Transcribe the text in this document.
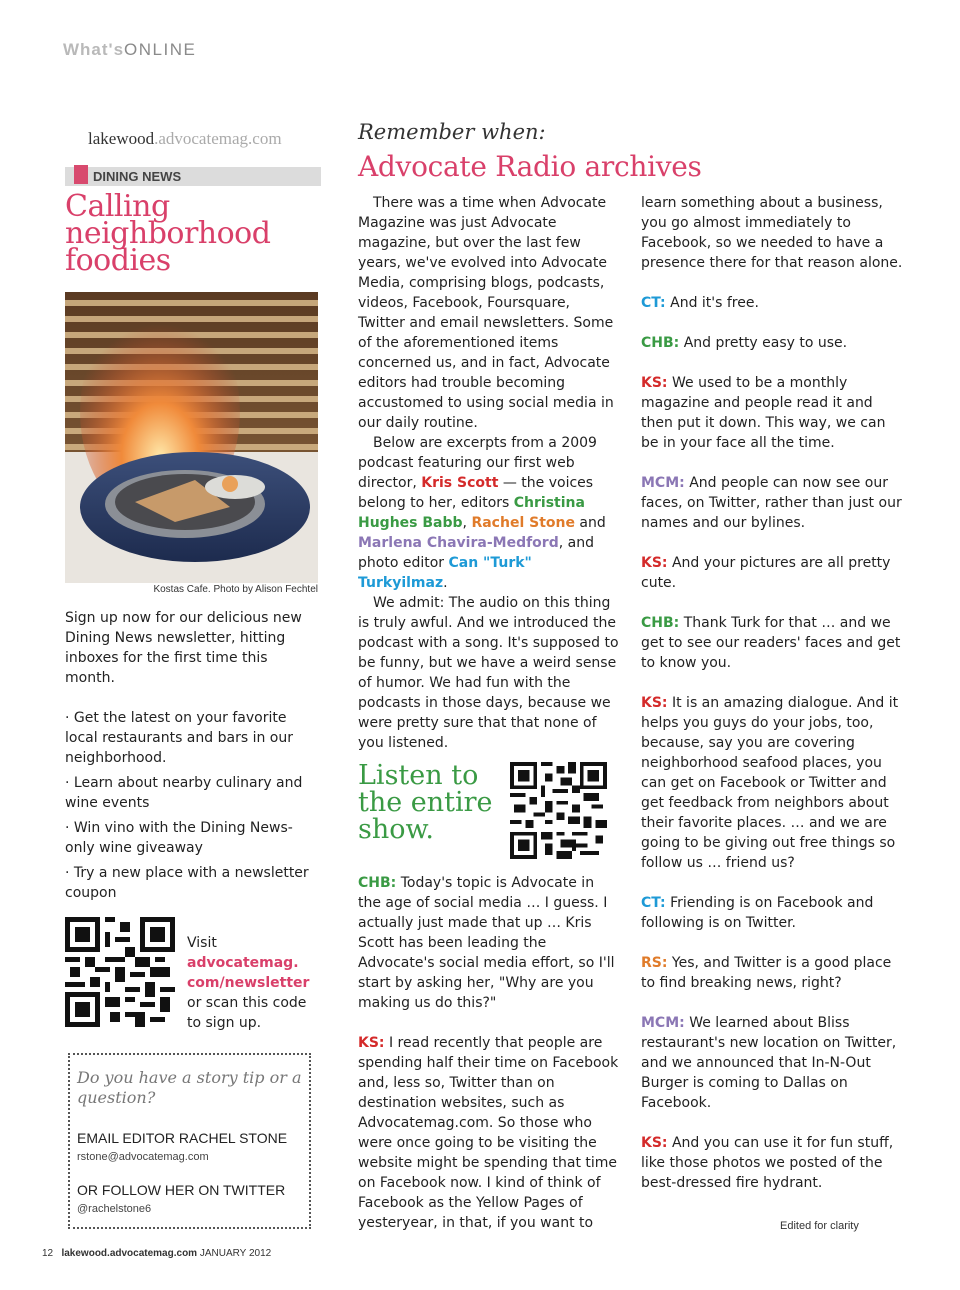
What'sONLINE
lakewood.advocatemag.com
DINING NEWS
Calling neighborhood foodies
Kostas Cafe. Photo by Alison Fechtel
Sign up now for our delicious new Dining News newsletter, hitting inboxes for the first time this month.
· Get the latest on your favorite local restaurants and bars in our neighborhood.
· Learn about nearby culinary and wine events
· Win vino with the Dining News-only wine giveaway
· Try a new place with a newsletter coupon
Visit
advocatemag. com/newsletter
or scan this code to sign up.
Do you have a story tip or a question?
EMAIL EDITOR RACHEL STONE
rstone@advocatemag.com
OR FOLLOW HER ON TWITTER
@rachelstone6
12 lakewood.advocatemag.com JANUARY 2012
Remember when:
Advocate Radio archives

There was a time when Advocate Magazine was just Advocate magazine, but over the last few years, we've evolved into Advocate Media, comprising blogs, podcasts, videos, Facebook, Foursquare, Twitter and email newsletters. Some of the aforementioned items concerned us, and in fact, Advocate editors had trouble becoming accustomed to using social media in our daily routine.

Below are excerpts from a 2009 podcast featuring our first web director, Kris Scott — the voices belong to her, editors Christina Hughes Babb, Rachel Stone and Marlena Chavira-Medford, and photo editor Can "Turk" Turkyilmaz.

We admit: The audio on this thing is truly awful. And we introduced the podcast with a song. It's supposed to be funny, but we have a weird sense of humor. We had fun with the podcasts in those days, because we were pretty sure that that none of you listened.

Listen to the entire show.

CHB: Today's topic is Advocate in the age of social media … I guess. I actually just made that up … Kris Scott has been leading the Advocate's social media effort, so I'll start by asking her, "Why are you making us do this?"

KS: I read recently that people are spending half their time on Facebook and, less so, Twitter than on destination websites, such as Advocatemag.com. So those who were once going to be visiting the website might be spending that time on Facebook now. I kind of think of Facebook as the Yellow Pages of yesteryear, in that, if you want to

learn something about a business, you go almost immediately to Facebook, so we needed to have a presence there for that reason alone.

CT: And it's free.

CHB: And pretty easy to use.

KS: We used to be a monthly magazine and people read it and then put it down. This way, we can be in your face all the time.

MCM: And people can now see our faces, on Twitter, rather than just our names and our bylines.

KS: And your pictures are all pretty cute.

CHB: Thank Turk for that … and we get to see our readers' faces and get to know you.

KS: It is an amazing dialogue. And it helps you guys do your jobs, too, because, say you are covering neighborhood seafood places, you can get on Facebook or Twitter and get feedback from neighbors about their favorite places. … and we are going to be giving out free things so follow us … friend us?

CT: Friending is on Facebook and following is on Twitter.

RS: Yes, and Twitter is a good place to find breaking news, right?

MCM: We learned about Bliss restaurant's new location on Twitter, and we announced that In-N-Out Burger is coming to Dallas on Facebook.

KS: And you can use it for fun stuff, like those photos we posted of the best-dressed fire hydrant.

Edited for clarity
